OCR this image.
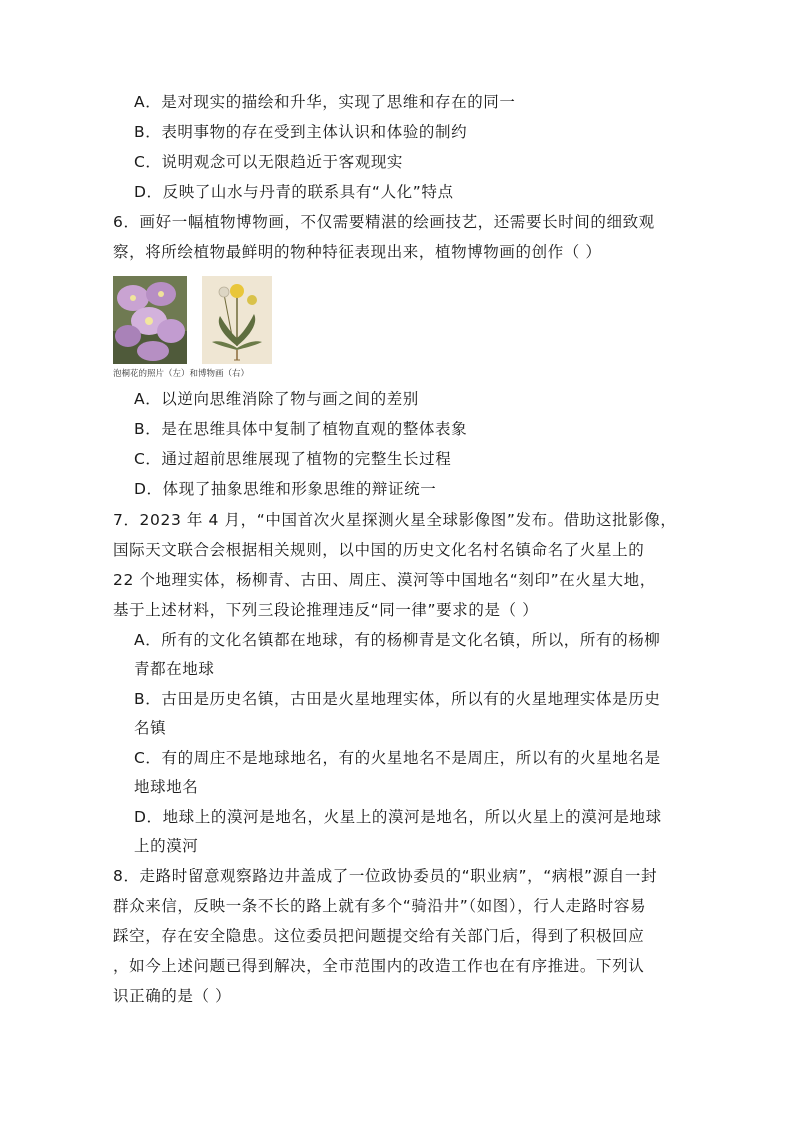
A．是对现实的描绘和升华，实现了思维和存在的同一
B．表明事物的存在受到主体认识和体验的制约
C．说明观念可以无限趋近于客观现实
D．反映了山水与丹青的联系具有“人化”特点
6．画好一幅植物博物画，不仅需要精湛的绘画技艺，还需要长时间的细致观
察，将所绘植物最鲜明的物种特征表现出来，植物博物画的创作（ ）
泡桐花的照片（左）和博物画（右）
A．以逆向思维消除了物与画之间的差别
B．是在思维具体中复制了植物直观的整体表象
C．通过超前思维展现了植物的完整生长过程
D．体现了抽象思维和形象思维的辩证统一
7．2023 年 4 月，“中国首次火星探测火星全球影像图”发布。借助这批影像，
国际天文联合会根据相关规则，以中国的历史文化名村名镇命名了火星上的
22 个地理实体，杨柳青、古田、周庄、漠河等中国地名“刻印”在火星大地，
基于上述材料，下列三段论推理违反“同一律”要求的是（ ）
A．所有的文化名镇都在地球，有的杨柳青是文化名镇，所以，所有的杨柳
青都在地球
B．古田是历史名镇，古田是火星地理实体，所以有的火星地理实体是历史
名镇
C．有的周庄不是地球地名，有的火星地名不是周庄，所以有的火星地名是
地球地名
D．地球上的漠河是地名，火星上的漠河是地名，所以火星上的漠河是地球
上的漠河
8．走路时留意观察路边井盖成了一位政协委员的“职业病”，“病根”源自一封
群众来信，反映一条不长的路上就有多个“骑沿井”（如图），行人走路时容易
踩空，存在安全隐患。这位委员把问题提交给有关部门后，得到了积极回应
，如今上述问题已得到解决，全市范围内的改造工作也在有序推进。下列认
识正确的是（ ）
